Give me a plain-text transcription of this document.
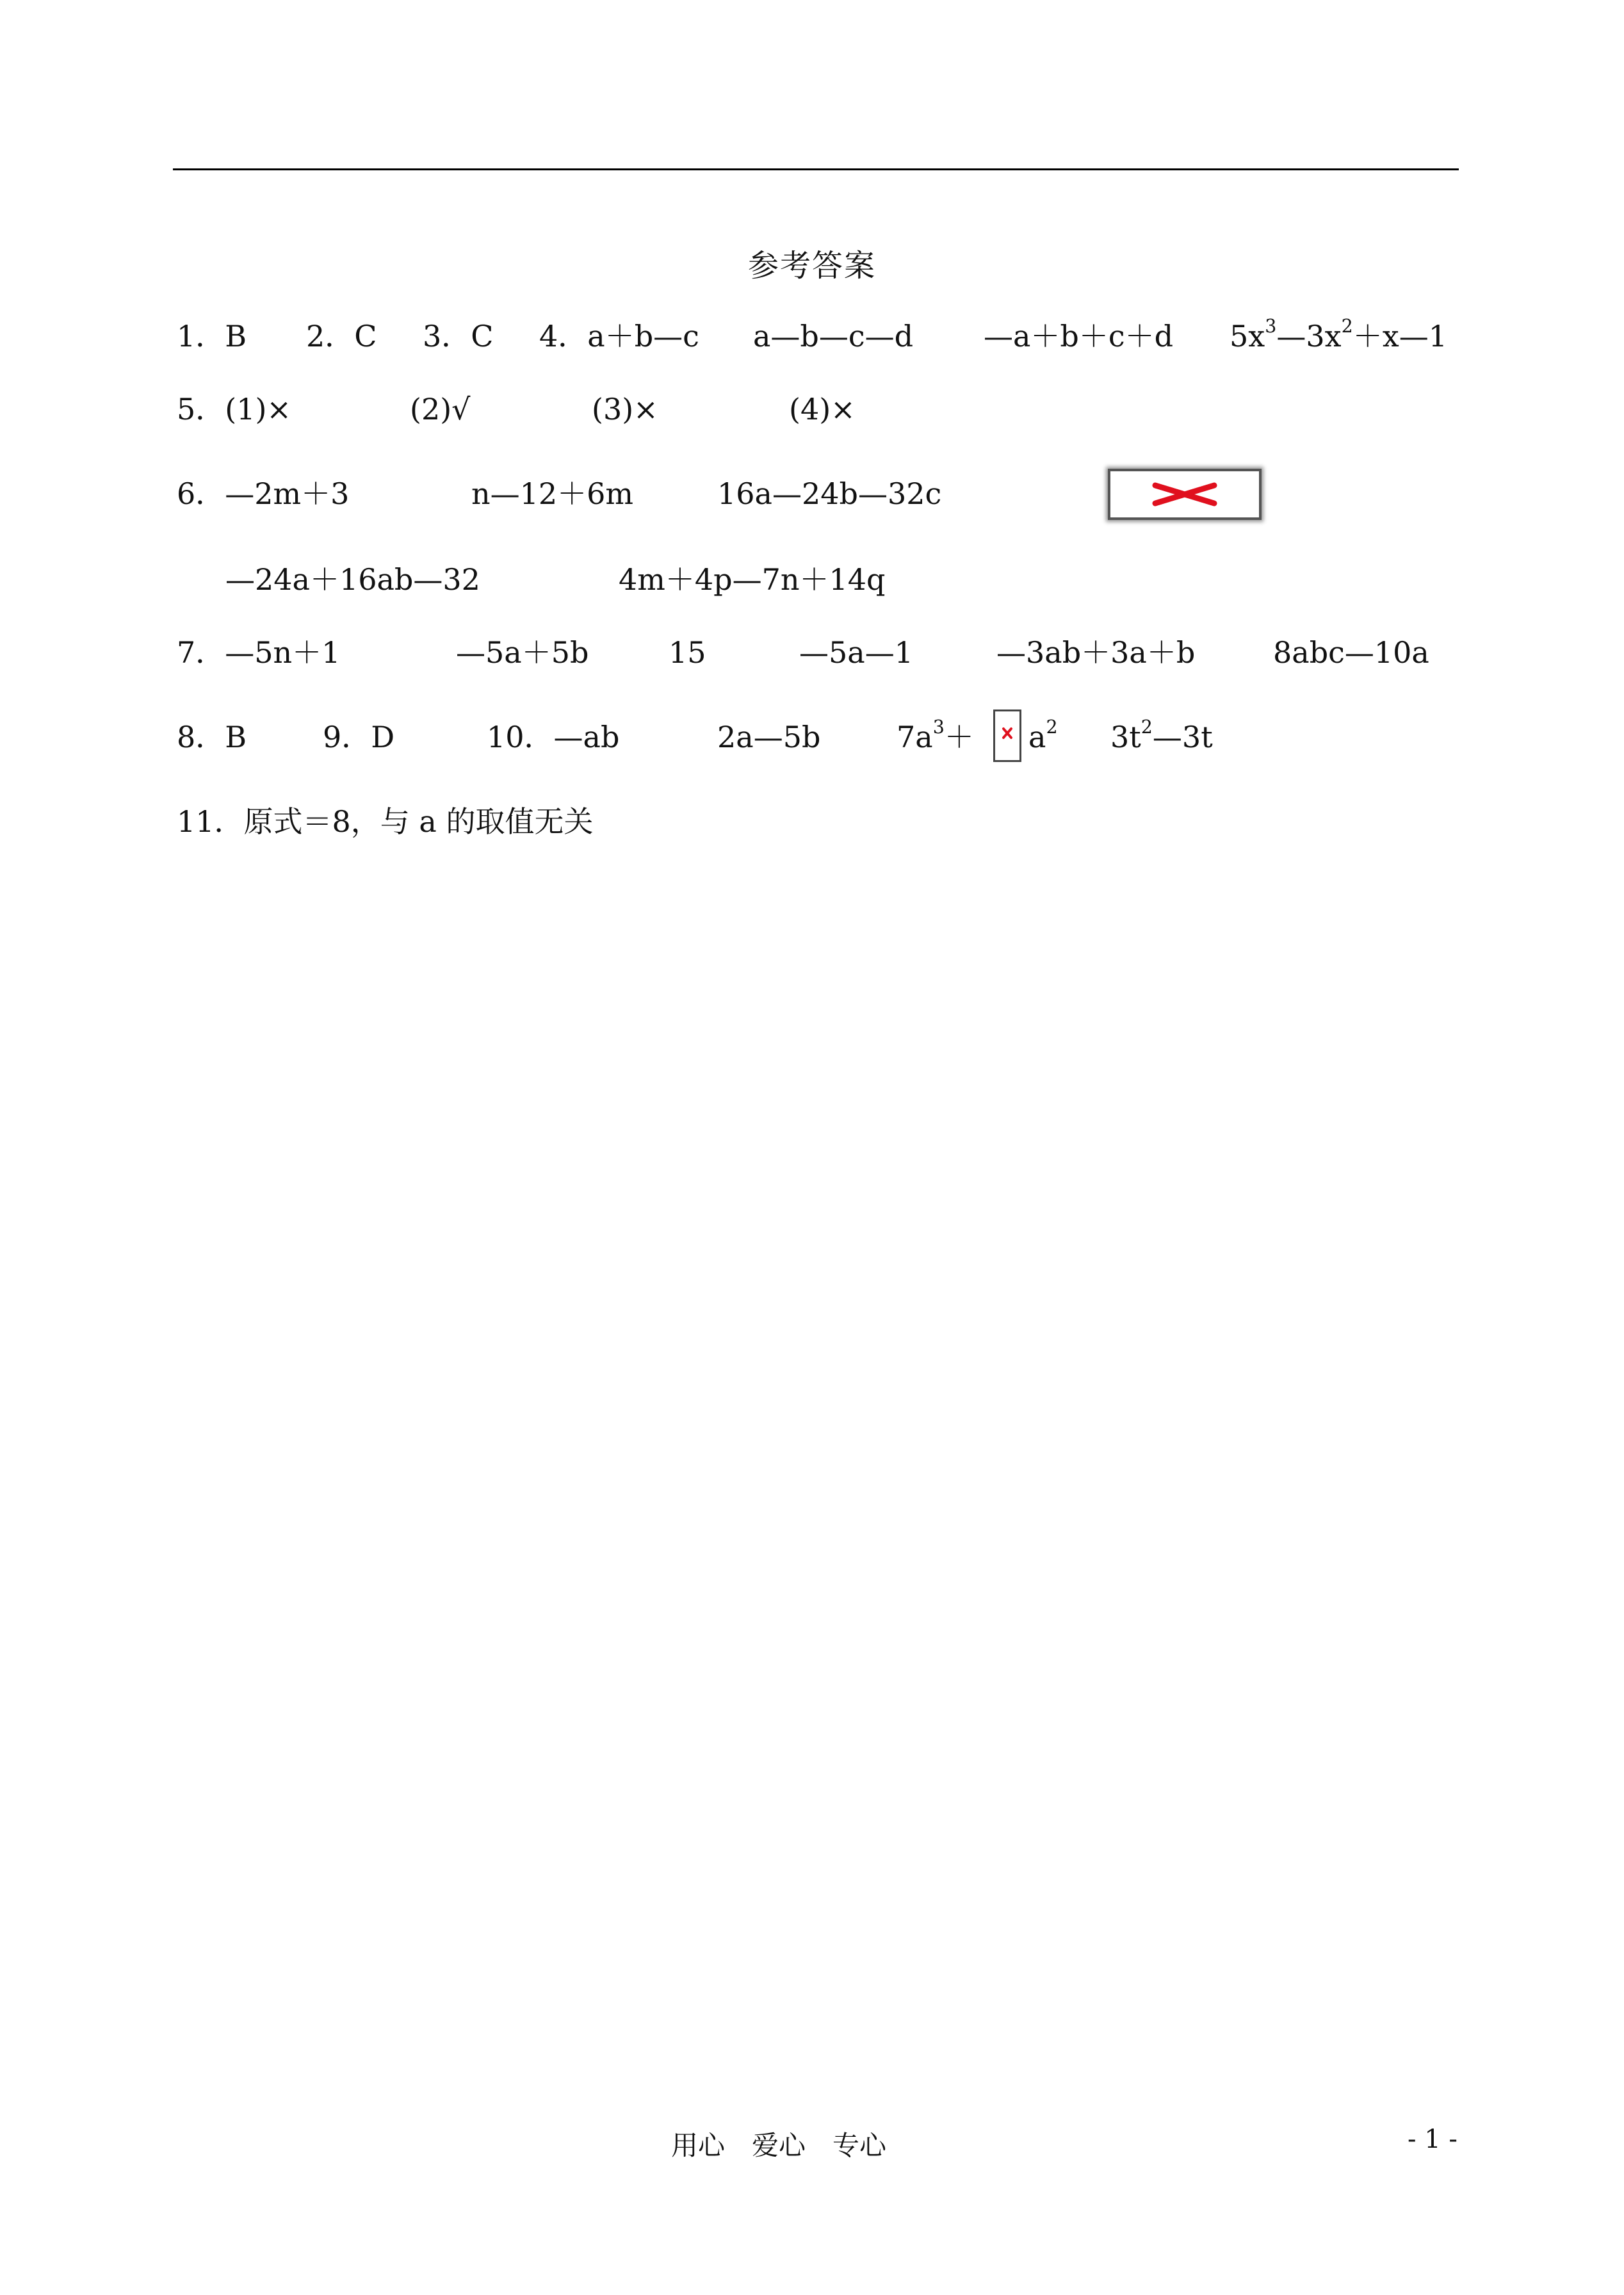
参考答案
1．B 2．C 3．C 4．a＋b—c a—b—c—d —a＋b＋c＋d $5x^3—3x^2+x—1$
5．(1)×	(2)√	(3)×	(4)×
6．—2m＋3	n—12＋6m	16a—24b—32c
—24a＋16ab—32	4m＋4p—7n＋14q
7．—5n＋1	—5a＋5b	15	—5a—1	—3ab＋3a＋b	8abc—10a
8．B	9．D	10．—ab	2a—5b	$7a^3+ a^2$ $3t^2—3t$
11．原式＝8，与 a 的取值无关
用心　爱心　专心	- 1 -
